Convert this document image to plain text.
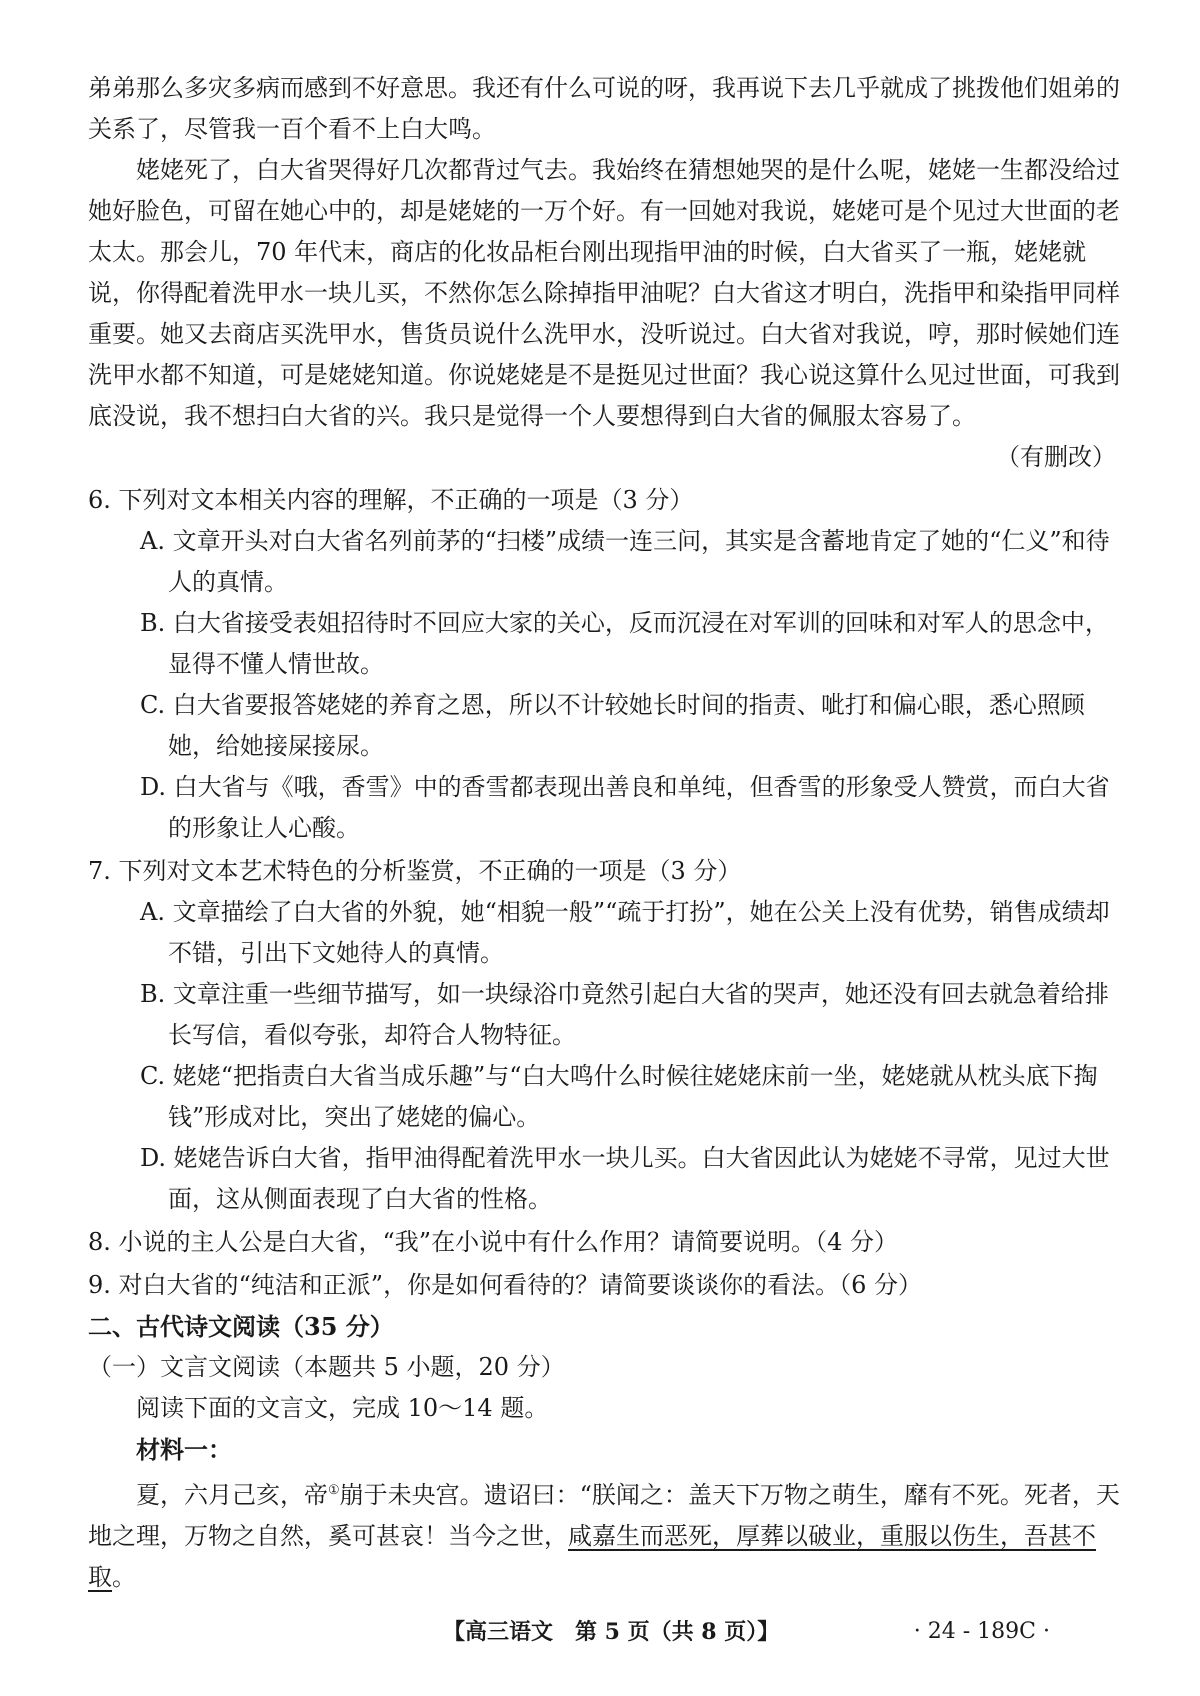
弟弟那么多灾多病而感到不好意思。我还有什么可说的呀，我再说下去几乎就成了挑拨他们姐弟的关系了，尽管我一百个看不上白大鸣。

姥姥死了，白大省哭得好几次都背过气去。我始终在猜想她哭的是什么呢，姥姥一生都没给过她好脸色，可留在她心中的，却是姥姥的一万个好。有一回她对我说，姥姥可是个见过大世面的老太太。那会儿，70 年代末，商店的化妆品柜台刚出现指甲油的时候，白大省买了一瓶，姥姥就说，你得配着洗甲水一块儿买，不然你怎么除掉指甲油呢？白大省这才明白，洗指甲和染指甲同样重要。她又去商店买洗甲水，售货员说什么洗甲水，没听说过。白大省对我说，哼，那时候她们连洗甲水都不知道，可是姥姥知道。你说姥姥是不是挺见过世面？我心说这算什么见过世面，可我到底没说，我不想扫白大省的兴。我只是觉得一个人要想得到白大省的佩服太容易了。

（有删改）

6. 下列对文本相关内容的理解，不正确的一项是（3 分）

A. 文章开头对白大省名列前茅的“扫楼”成绩一连三问，其实是含蓄地肯定了她的“仁义”和待人的真情。

B. 白大省接受表姐招待时不回应大家的关心，反而沉浸在对军训的回味和对军人的思念中，显得不懂人情世故。

C. 白大省要报答姥姥的养育之恩，所以不计较她长时间的指责、呲打和偏心眼，悉心照顾她，给她接屎接尿。

D. 白大省与《哦，香雪》中的香雪都表现出善良和单纯，但香雪的形象受人赞赏，而白大省的形象让人心酸。

7. 下列对文本艺术特色的分析鉴赏，不正确的一项是（3 分）

A. 文章描绘了白大省的外貌，她“相貌一般”“疏于打扮”，她在公关上没有优势，销售成绩却不错，引出下文她待人的真情。

B. 文章注重一些细节描写，如一块绿浴巾竟然引起白大省的哭声，她还没有回去就急着给排长写信，看似夸张，却符合人物特征。

C. 姥姥“把指责白大省当成乐趣”与“白大鸣什么时候往姥姥床前一坐，姥姥就从枕头底下掏钱”形成对比，突出了姥姥的偏心。

D. 姥姥告诉白大省，指甲油得配着洗甲水一块儿买。白大省因此认为姥姥不寻常，见过大世面，这从侧面表现了白大省的性格。

8. 小说的主人公是白大省，“我”在小说中有什么作用？请简要说明。（4 分）

9. 对白大省的“纯洁和正派”，你是如何看待的？请简要谈谈你的看法。（6 分）

二、古代诗文阅读（35 分）

（一）文言文阅读（本题共 5 小题，20 分）

阅读下面的文言文，完成 10～14 题。

材料一：

夏，六月己亥，帝①崩于未央宫。遗诏曰：“朕闻之：盖天下万物之萌生，靡有不死。死者，天地之理，万物之自然，奚可甚哀！当今之世，咸嘉生而恶死，厚葬以破业，重服以伤生，吾甚不取。

【高三语文　第 5 页（共 8 页）】	· 24 - 189C ·
